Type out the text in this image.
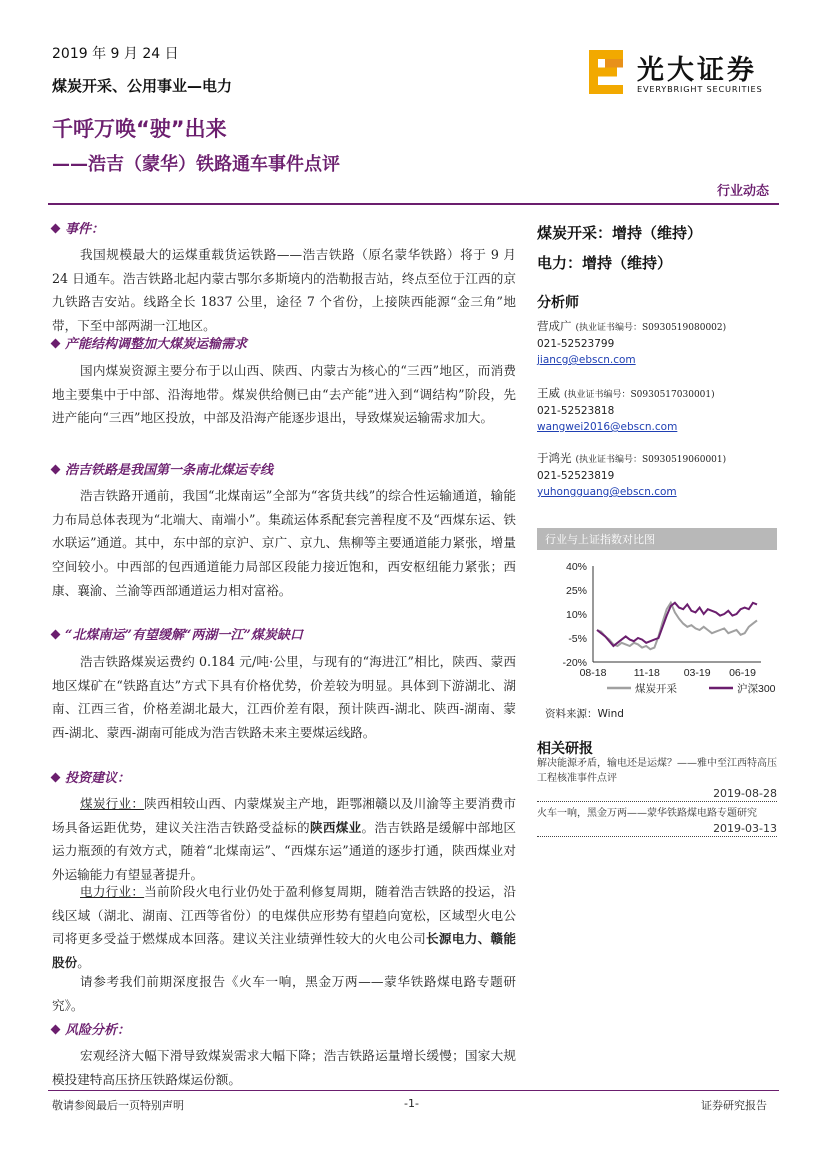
2019 年 9 月 24 日
煤炭开采、公用事业—电力	光大证券
EVERYBRIGHT SECURITIES
千呼万唤“驶”出来
——浩吉（蒙华）铁路通车事件点评
行业动态
事件：
我国规模最大的运煤重载货运铁路——浩吉铁路（原名蒙华铁路）将于 9 月 24 日通车。浩吉铁路北起内蒙古鄂尔多斯境内的浩勒报吉站，终点至位于江西的京九铁路吉安站。线路全长 1837 公里，途径 7 个省份，上接陕西能源“金三角”地带，下至中部两湖一江地区。
产能结构调整加大煤炭运输需求
国内煤炭资源主要分布于以山西、陕西、内蒙古为核心的“三西”地区，而消费地主要集中于中部、沿海地带。煤炭供给侧已由“去产能”进入到“调结构”阶段，先进产能向“三西”地区投放，中部及沿海产能逐步退出，导致煤炭运输需求加大。
浩吉铁路是我国第一条南北煤运专线
浩吉铁路开通前，我国“北煤南运”全部为“客货共线”的综合性运输通道，输能力布局总体表现为“北端大、南端小”。集疏运体系配套完善程度不及“西煤东运、铁水联运”通道。其中，东中部的京沪、京广、京九、焦柳等主要通道能力紧张，增量空间较小。中西部的包西通道能力局部区段能力接近饱和，西安枢纽能力紧张；西康、襄渝、兰渝等西部通道运力相对富裕。
“北煤南运”有望缓解“两湖一江”煤炭缺口
浩吉铁路煤炭运费约 0.184 元/吨·公里，与现有的“海进江”相比，陕西、蒙西地区煤矿在“铁路直达”方式下具有价格优势，价差较为明显。具体到下游湖北、湖南、江西三省，价格差湖北最大，江西价差有限，预计陕西-湖北、陕西-湖南、蒙西-湖北、蒙西-湖南可能成为浩吉铁路未来主要煤运线路。
投资建议：
煤炭行业：陕西相较山西、内蒙煤炭主产地，距鄂湘赣以及川渝等主要消费市场具备运距优势，建议关注浩吉铁路受益标的陕西煤业。浩吉铁路是缓解中部地区运力瓶颈的有效方式，随着“北煤南运”、“西煤东运”通道的逐步打通，陕西煤业对外运输能力有望显著提升。
电力行业：当前阶段火电行业仍处于盈利修复周期，随着浩吉铁路的投运，沿线区域（湖北、湖南、江西等省份）的电煤供应形势有望趋向宽松，区域型火电公司将更多受益于燃煤成本回落。建议关注业绩弹性较大的火电公司长源电力、赣能股份。
请参考我们前期深度报告《火车一响，黑金万两——蒙华铁路煤电路专题研究》。
风险分析：
宏观经济大幅下滑导致煤炭需求大幅下降；浩吉铁路运量增长缓慢；国家大规模投建特高压挤压铁路煤运份额。
煤炭开采：增持（维持）
电力：增持（维持）
分析师
营成广 (执业证书编号：S0930519080002)
021-52523799
jiancg@ebscn.com
王威 (执业证书编号：S0930517030001)
021-52523818
wangwei2016@ebscn.com
于鸿光 (执业证书编号：S0930519060001)
021-52523819
yuhongguang@ebscn.com
行业与上证指数对比图
40%
25%
10%
-5%
-20%
08-18	11-18 03-19 06-19
煤炭开采	沪深300
资料来源：Wind
相关研报
解决能源矛盾，输电还是运煤？——雅中至江西特高压工程核准事件点评
2019-08-28
火车一响，黑金万两——蒙华铁路煤电路专题研究
2019-03-13
敬请参阅最后一页特别声明	-1-	证券研究报告
